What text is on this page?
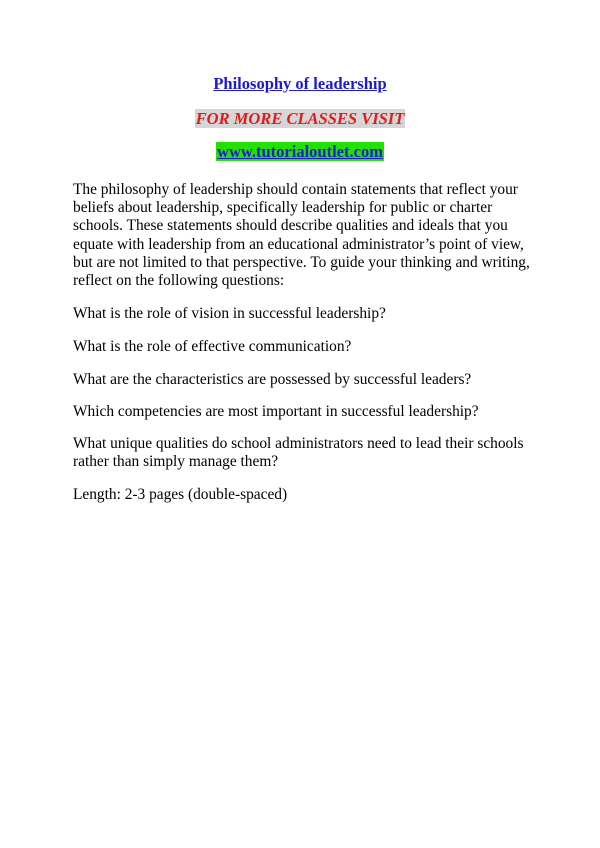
Philosophy of leadership
FOR MORE CLASSES VISIT
www.tutorialoutlet.com

The philosophy of leadership should contain statements that reflect your beliefs about leadership, specifically leadership for public or charter schools. These statements should describe qualities and ideals that you equate with leadership from an educational administrator’s point of view, but are not limited to that perspective. To guide your thinking and writing, reflect on the following questions:

What is the role of vision in successful leadership?

What is the role of effective communication?

What are the characteristics are possessed by successful leaders?

Which competencies are most important in successful leadership?

What unique qualities do school administrators need to lead their schools rather than simply manage them?

Length: 2-3 pages (double-spaced)
